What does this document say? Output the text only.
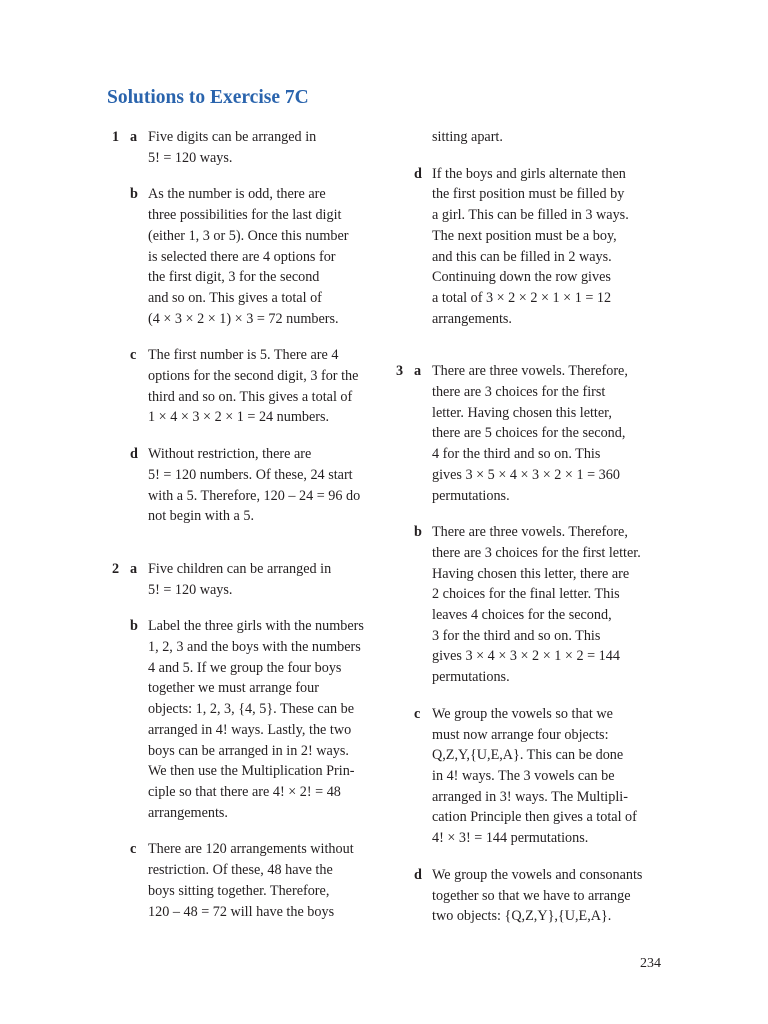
Solutions to Exercise 7C
1 a Five digits can be arranged in
5! = 120 ways.
b As the number is odd, there are
three possibilities for the last digit
(either 1, 3 or 5). Once this number
is selected there are 4 options for
the first digit, 3 for the second
and so on. This gives a total of
(4 × 3 × 2 × 1) × 3 = 72 numbers.
c The first number is 5. There are 4
options for the second digit, 3 for the
third and so on. This gives a total of
1 × 4 × 3 × 2 × 1 = 24 numbers.
d Without restriction, there are
5! = 120 numbers. Of these, 24 start
with a 5. Therefore, 120 – 24 = 96 do
not begin with a 5.
2 a Five children can be arranged in
5! = 120 ways.
b Label the three girls with the numbers
1, 2, 3 and the boys with the numbers
4 and 5. If we group the four boys
together we must arrange four
objects: 1, 2, 3, {4, 5}. These can be
arranged in 4! ways. Lastly, the two
boys can be arranged in in 2! ways.
We then use the Multiplication Prin-
ciple so that there are 4! × 2! = 48
arrangements.
c There are 120 arrangements without
restriction. Of these, 48 have the
boys sitting together. Therefore,
120 – 48 = 72 will have the boys
sitting apart.
d If the boys and girls alternate then
the first position must be filled by
a girl. This can be filled in 3 ways.
The next position must be a boy,
and this can be filled in 2 ways.
Continuing down the row gives
a total of 3 × 2 × 2 × 1 × 1 = 12
arrangements.
3 a There are three vowels. Therefore,
there are 3 choices for the first
letter. Having chosen this letter,
there are 5 choices for the second,
4 for the third and so on. This
gives 3 × 5 × 4 × 3 × 2 × 1 = 360
permutations.
b There are three vowels. Therefore,
there are 3 choices for the first letter.
Having chosen this letter, there are
2 choices for the final letter. This
leaves 4 choices for the second,
3 for the third and so on. This
gives 3 × 4 × 3 × 2 × 1 × 2 = 144
permutations.
c We group the vowels so that we
must now arrange four objects:
Q,Z,Y,{U,E,A}. This can be done
in 4! ways. The 3 vowels can be
arranged in 3! ways. The Multipli-
cation Principle then gives a total of
4! × 3! = 144 permutations.
d We group the vowels and consonants
together so that we have to arrange
two objects: {Q,Z,Y},{U,E,A}.
234
